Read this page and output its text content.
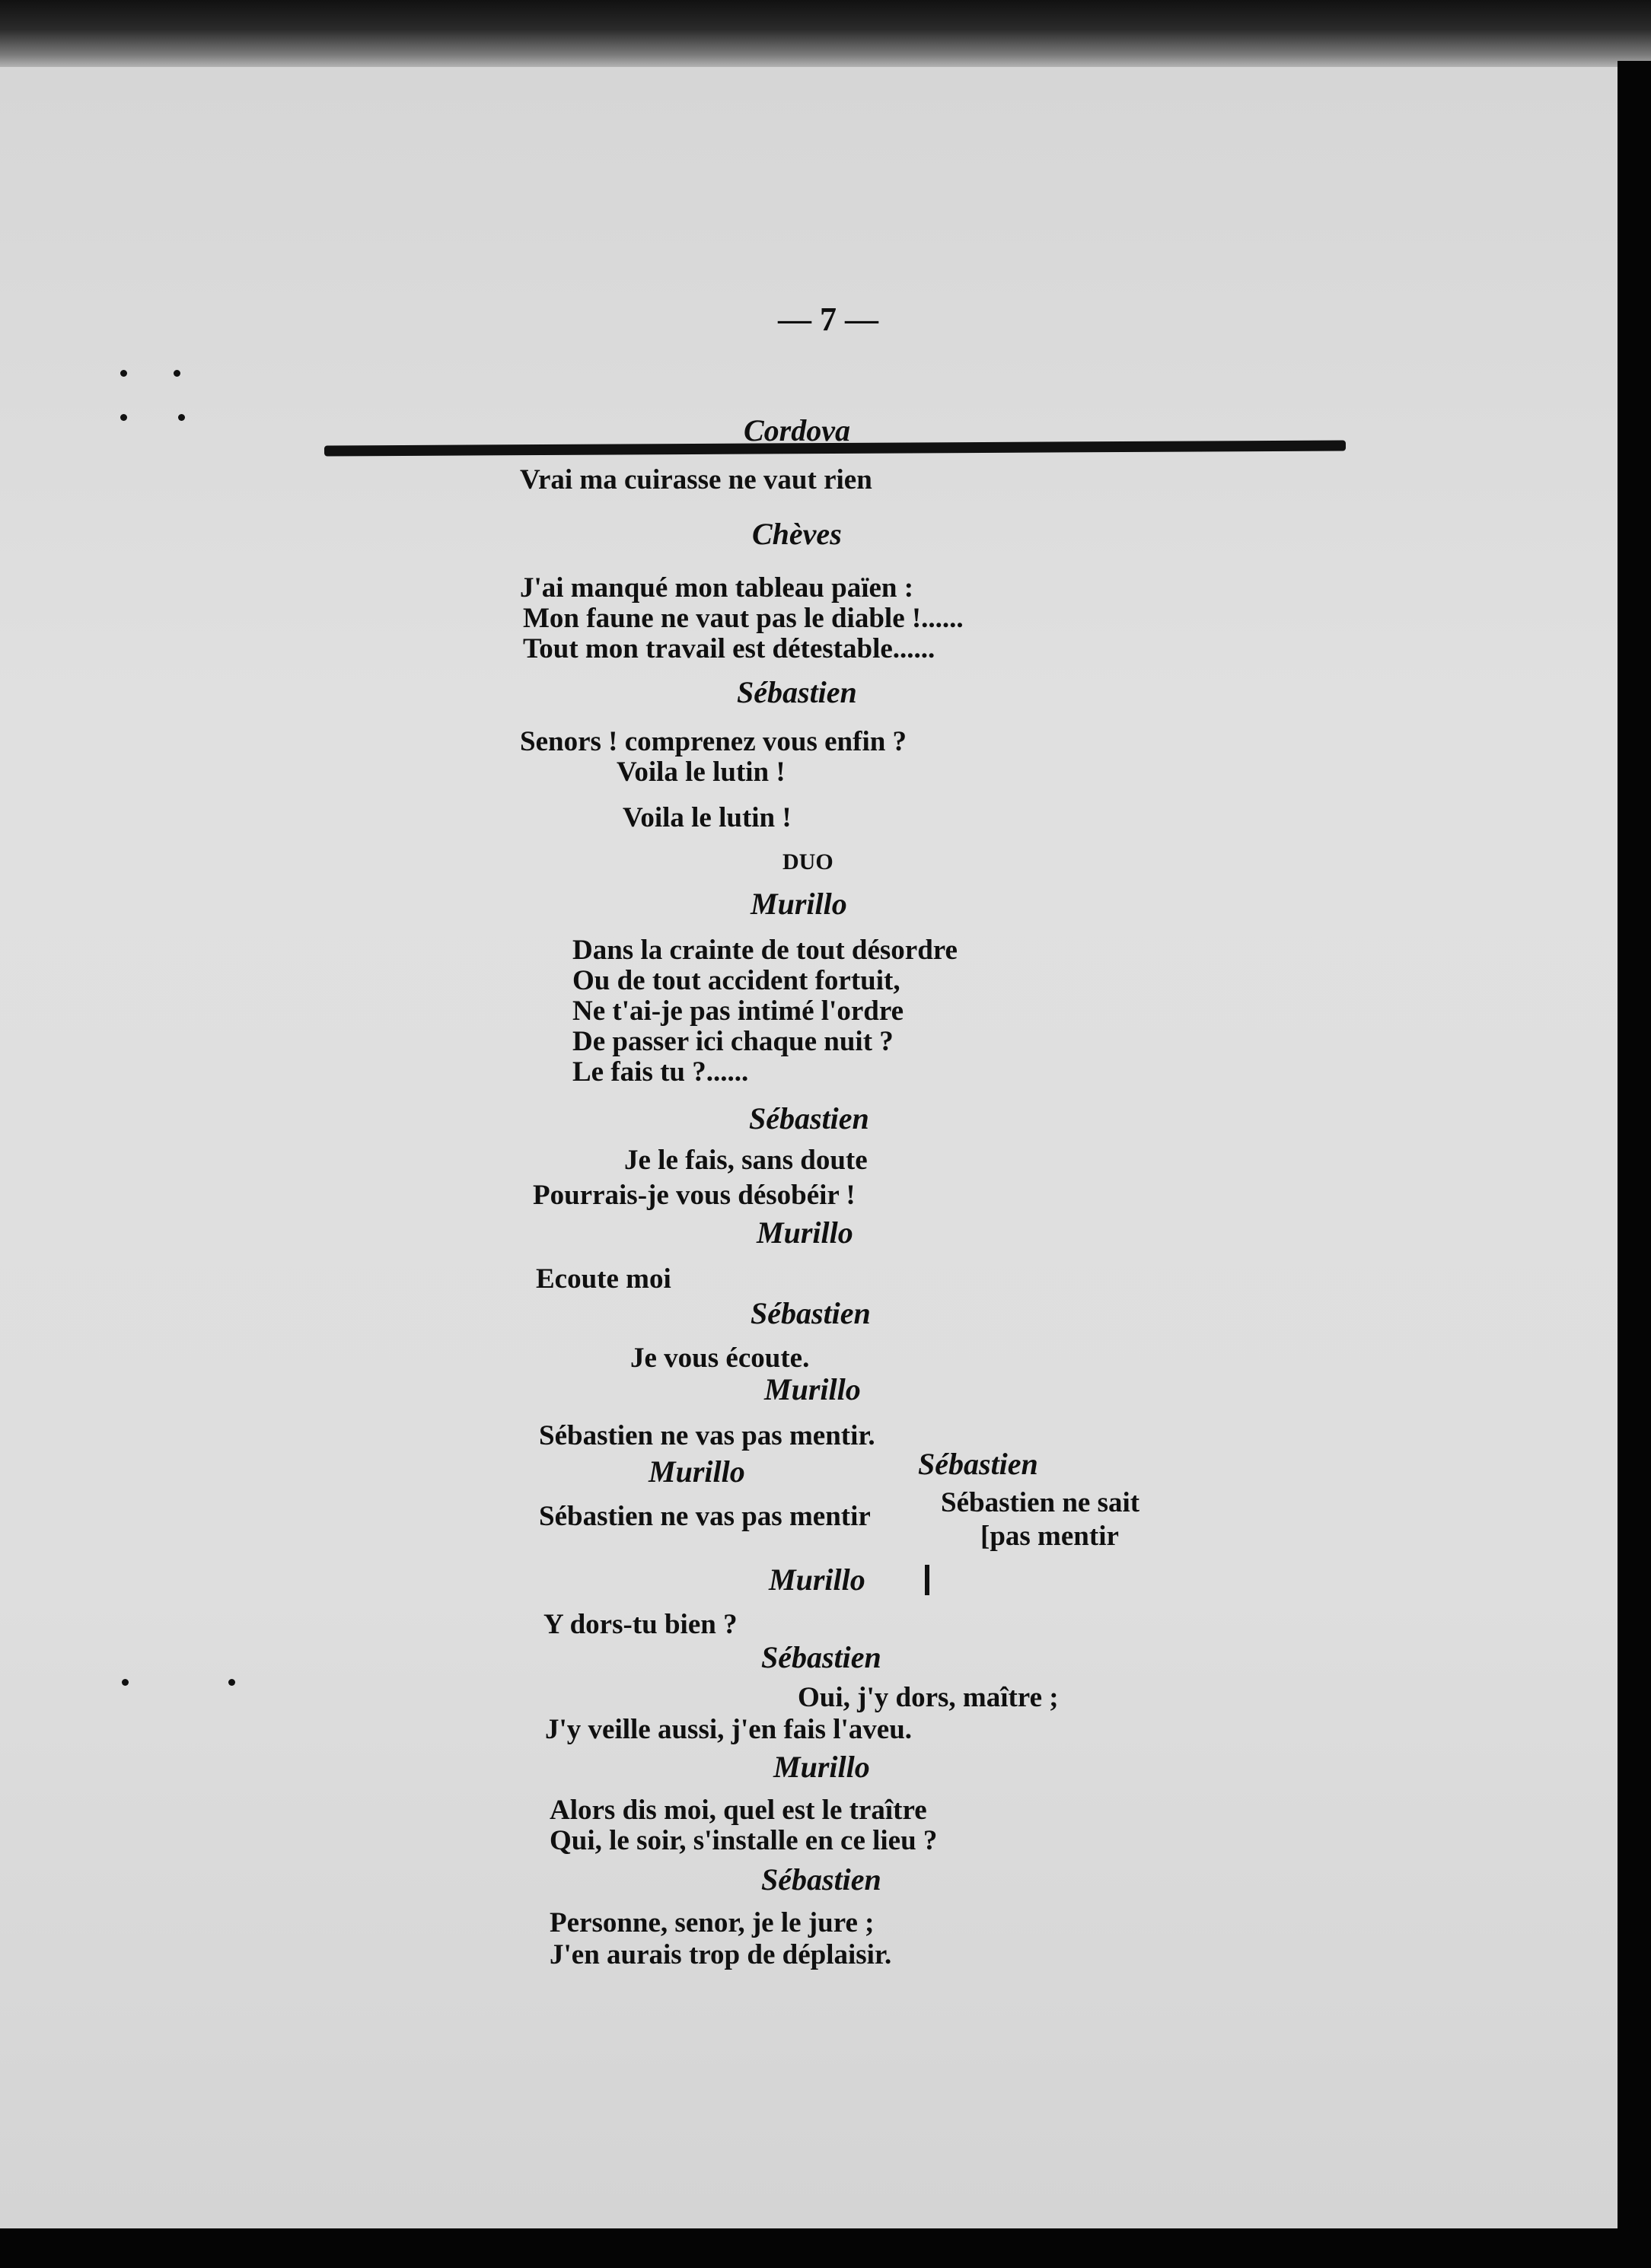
— 7 —
Cordova
Vrai ma cuirasse ne vaut rien
Chèves
J'ai manqué mon tableau païen :
Mon faune ne vaut pas le diable !......
Tout mon travail est détestable......
Sébastien
Senors ! comprenez vous enfin ?
Voila le lutin !
Voila le lutin !
DUO
Murillo
Dans la crainte de tout désordre
Ou de tout accident fortuit,
Ne t'ai-je pas intimé l'ordre
De passer ici chaque nuit ?
Le fais tu ?......
Sébastien
Je le fais, sans doute
Pourrais-je vous désobéir !
Murillo
Ecoute moi
Sébastien
Je vous écoute.
Murillo
Sébastien ne vas pas mentir.
Murillo	Sébastien
Sébastien ne vas pas mentir Sébastien ne sait
[pas mentir
Murillo
Y dors-tu bien ?
Sébastien
Oui, j'y dors, maître ;
J'y veille aussi, j'en fais l'aveu.
Murillo
Alors dis moi, quel est le traître
Qui, le soir, s'installe en ce lieu ?
Sébastien
Personne, senor, je le jure ;
J'en aurais trop de déplaisir.
